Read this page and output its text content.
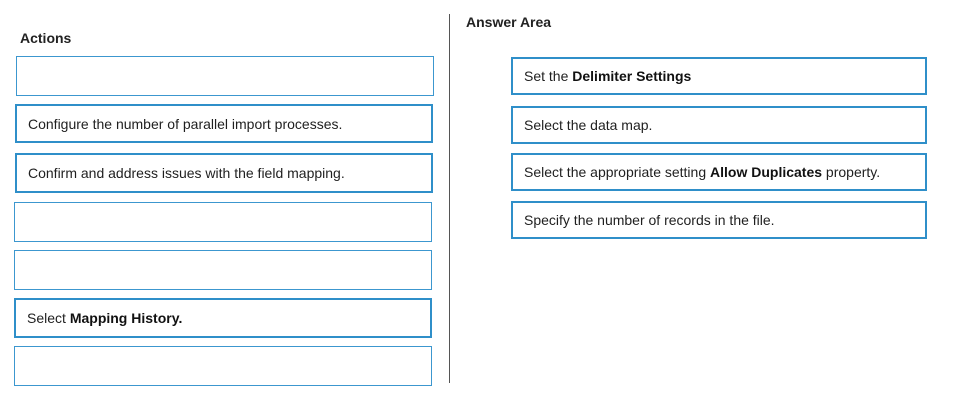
Actions
Configure the number of parallel import processes.
Confirm and address issues with the field mapping.
Select Mapping History.
Answer Area
Set the Delimiter Settings
Select the data map.
Select the appropriate setting Allow Duplicates property.
Specify the number of records in the file.
